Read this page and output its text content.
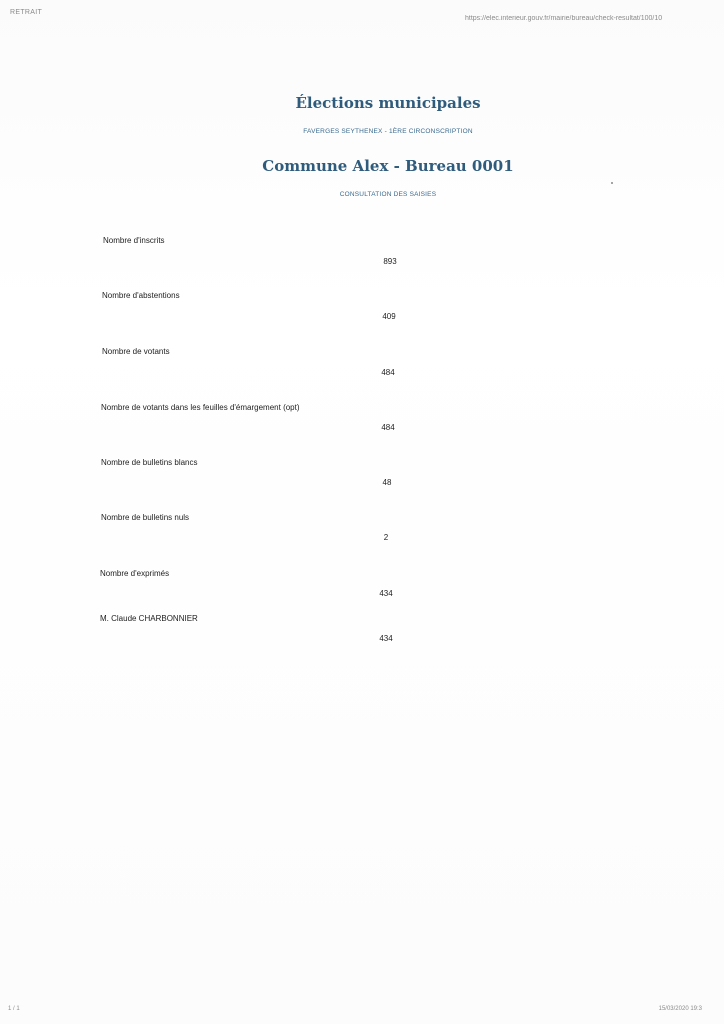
RETRAIT
https://elec.interieur.gouv.fr/mairie/bureau/check-resultat/100/10
1 / 1	15/03/2020 19:3
Élections municipales
FAVERGES SEYTHENEX - 1ÈRE CIRCONSCRIPTION
Commune Alex - Bureau 0001
CONSULTATION DES SAISIES
Nombre d'inscrits
893
Nombre d'abstentions
409
Nombre de votants
484
Nombre de votants dans les feuilles d'émargement (opt)
484
Nombre de bulletins blancs
48
Nombre de bulletins nuls
2
Nombre d'exprimés
434
M. Claude CHARBONNIER
434
